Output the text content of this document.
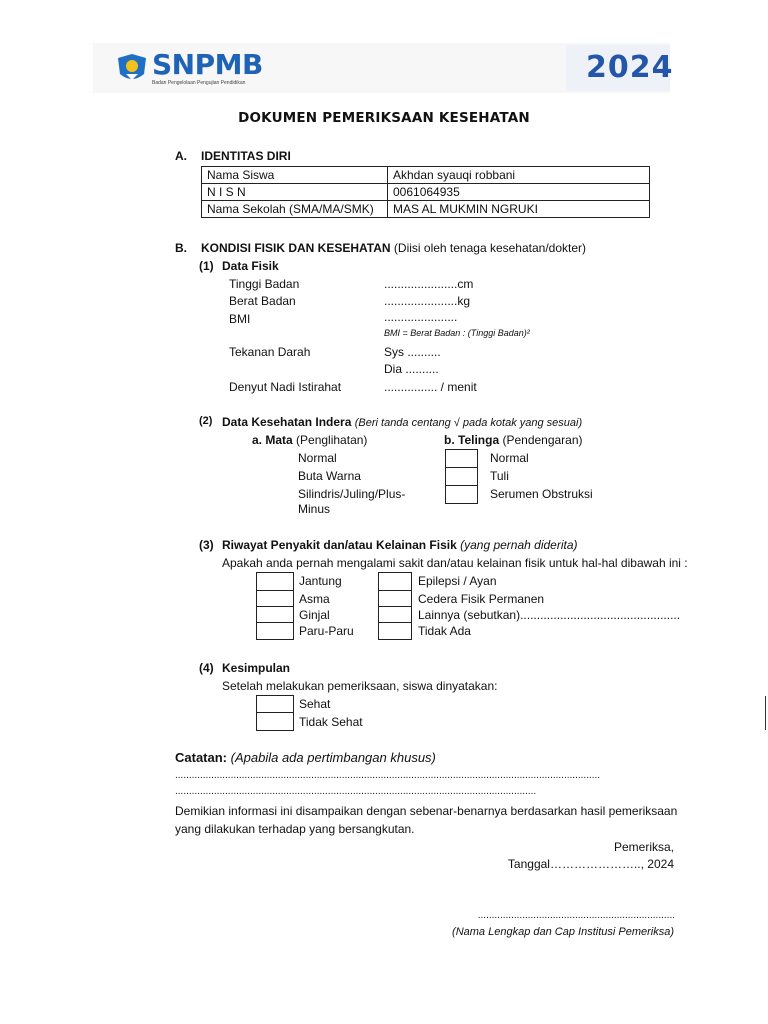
SNPMB
Badan Pengelolaan Pengujian Pendidikan	2024
DOKUMEN PEMERIKSAAN KESEHATAN
A. IDENTITAS DIRI
Nama Siswa	Akhdan syauqi robbani
N I S N	0061064935
Nama Sekolah (SMA/MA/SMK)	MAS AL MUKMIN NGRUKI
B. KONDISI FISIK DAN KESEHATAN (Diisi oleh tenaga kesehatan/dokter)
(1) Data Fisik
Tinggi Badan	......................cm
Berat Badan	......................kg
BMI	......................
BMI = Berat Badan : (Tinggi Badan)²
Tekanan Darah	Sys ..........
Dia ..........
Denyut Nadi Istirahat	................ / menit
(2) Data Kesehatan Indera (Beri tanda centang √ pada kotak yang sesuai)
a. Mata (Penglihatan)	b. Telinga (Pendengaran)
Normal
Buta Warna
Silindris/Juling/Plus-
Minus
Normal
Tuli
Serumen Obstruksi
(3) Riwayat Penyakit dan/atau Kelainan Fisik (yang pernah diderita)
Apakah anda pernah mengalami sakit dan/atau kelainan fisik untuk hal-hal dibawah ini :
Jantung
Asma
Ginjal
Paru-Paru
Epilepsi / Ayan
Cedera Fisik Permanen
Lainnya (sebutkan)................................................
Tidak Ada
(4) Kesimpulan
Setelah melakukan pemeriksaan, siswa dinyatakan:
Sehat
Tidak Sehat
Catatan: (Apabila ada pertimbangan khusus)
.........................................................................................................................................................
..................................................................................................................................
Demikian informasi ini disampaikan dengan sebenar-benarnya berdasarkan hasil pemeriksaan
yang dilakukan terhadap yang bersangkutan.
Pemeriksa,
Tanggal………………….., 2024
.......................................................................
(Nama Lengkap dan Cap Institusi Pemeriksa)
